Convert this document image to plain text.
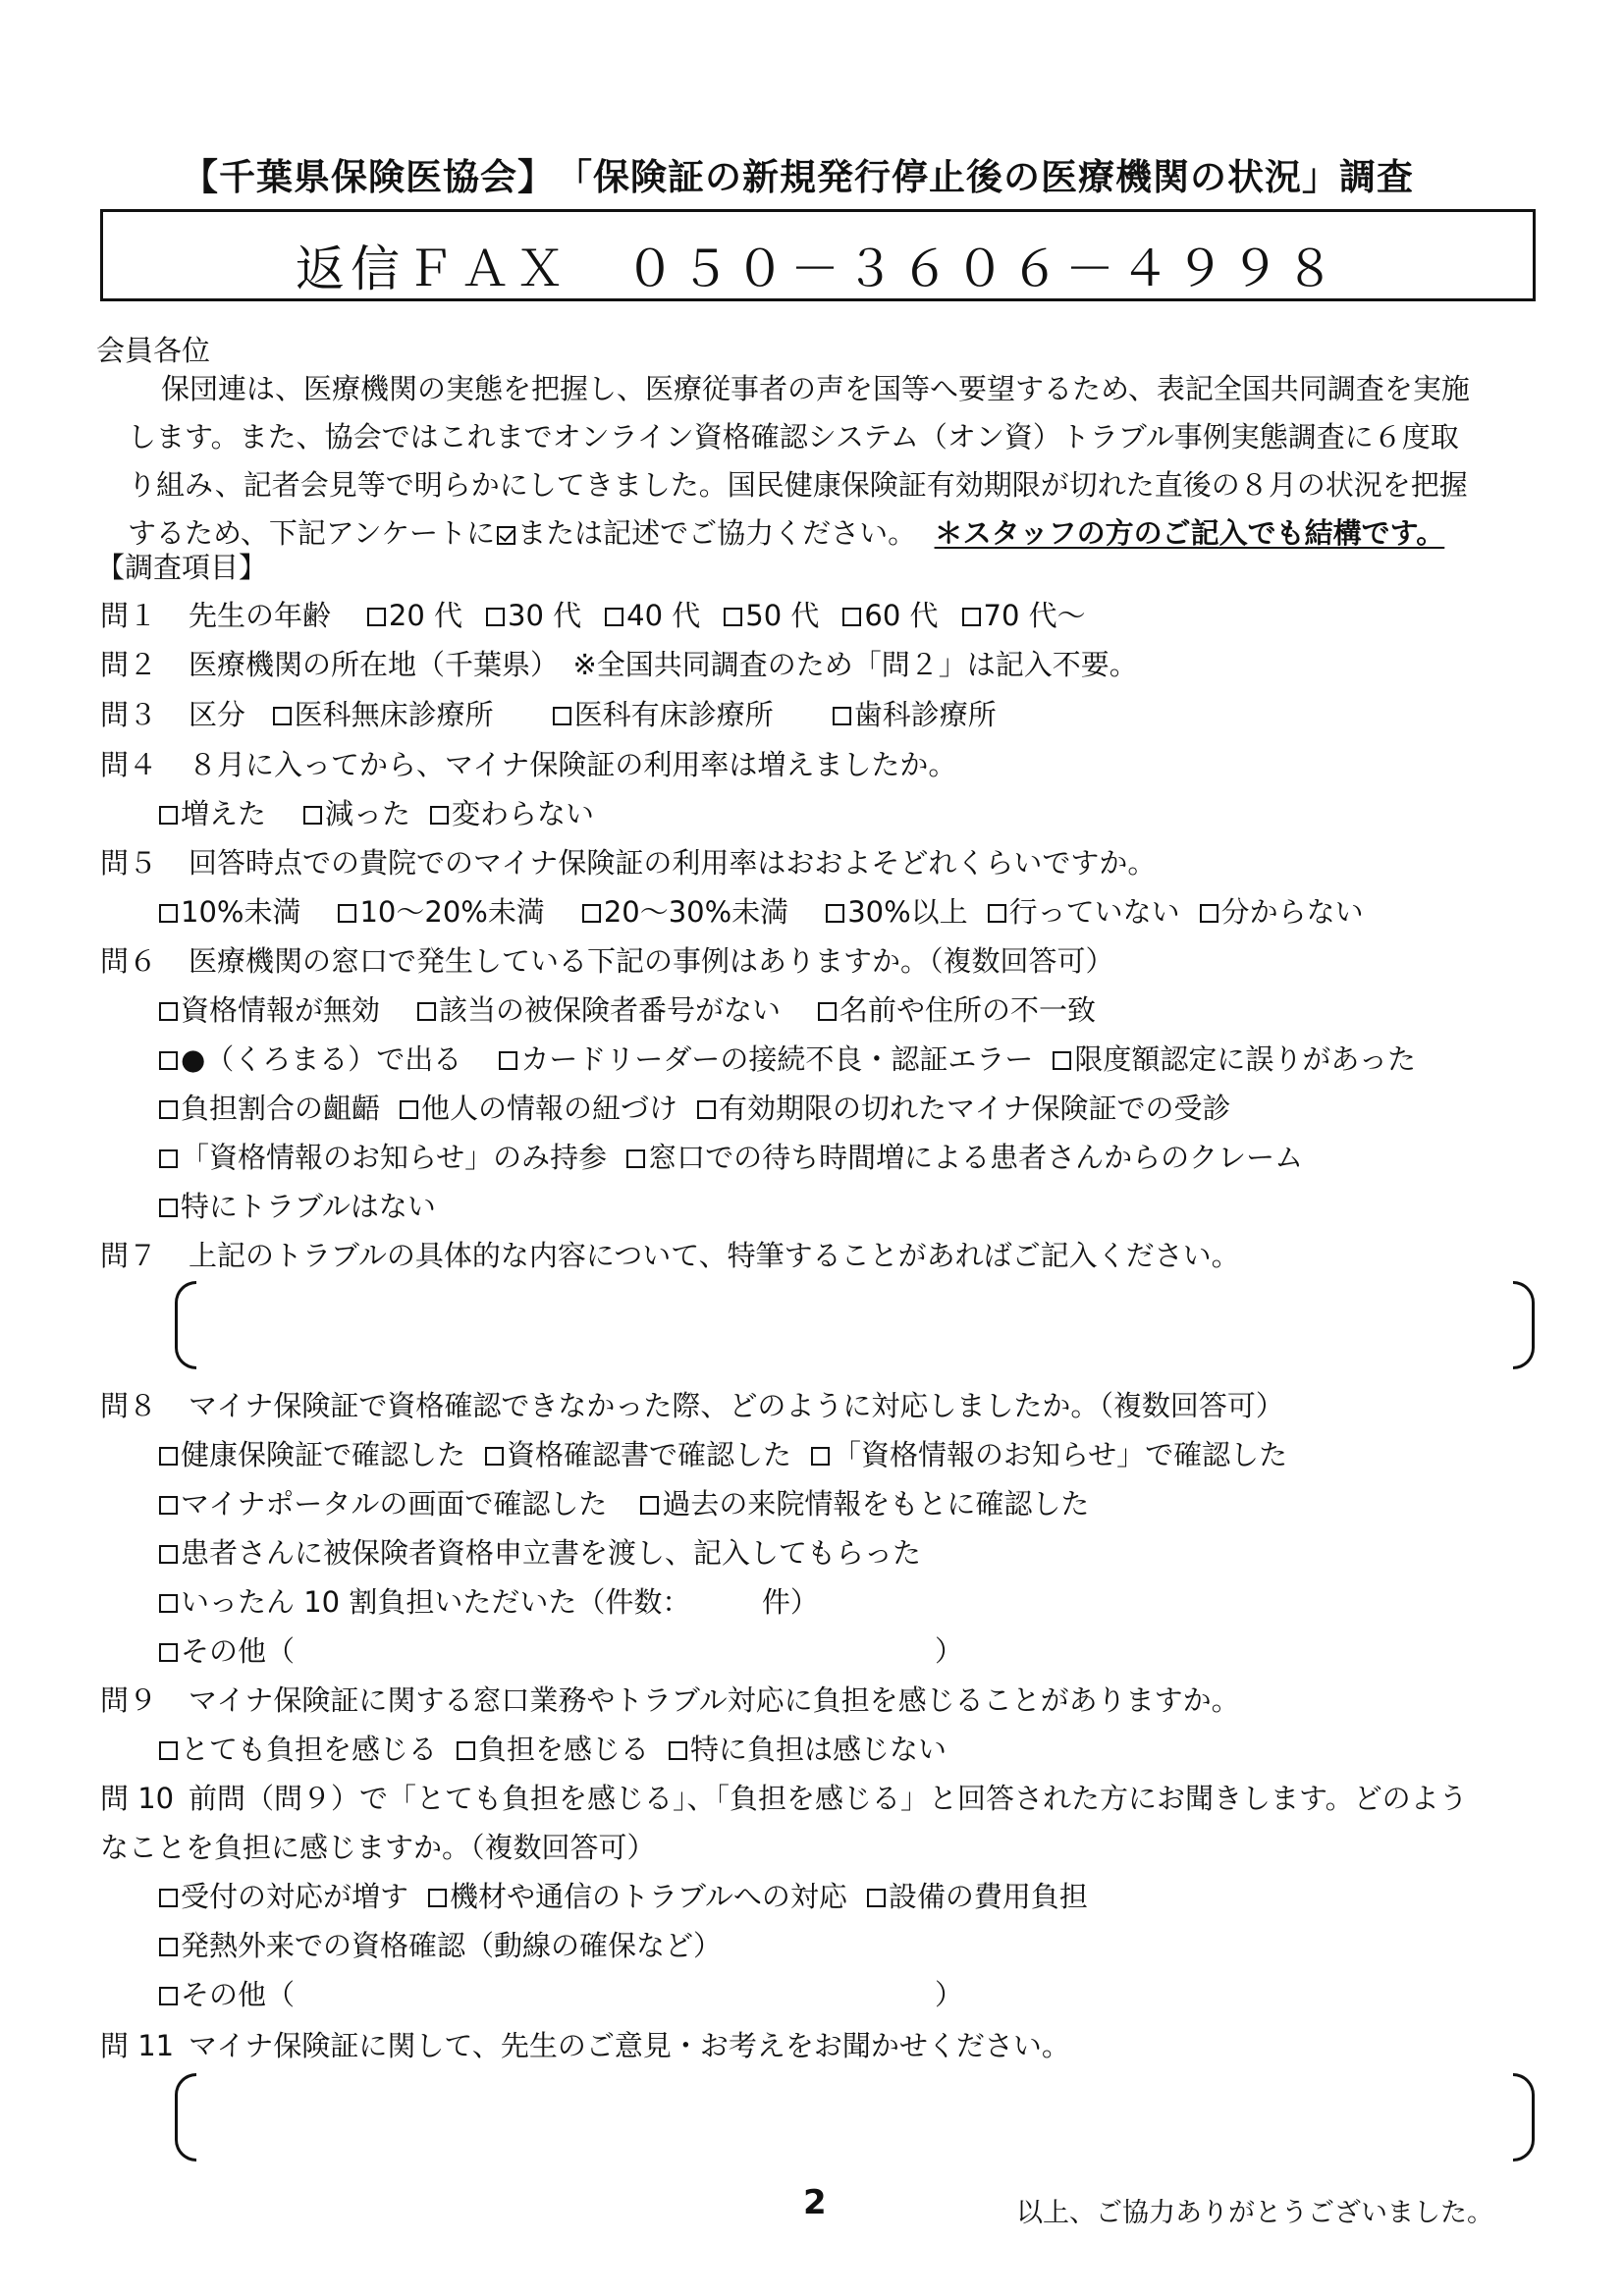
【千葉県保険医協会】　「保険証の新規発行停止後の医療機関の状況」調査
返信ＦＡＸ　０５０－３６０６－４９９８
会員各位
保団連は、医療機関の実態を把握し、医療従事者の声を国等へ要望するため、表記全国共同調査を実施
します。また、協会ではこれまでオンライン資格確認システム（オン資）トラブル事例実態調査に６度取
り組み、記者会見等で明らかにしてきました。国民健康保険証有効期限が切れた直後の８月の状況を把握
するため、下記アンケートに または記述でご協力ください。 ＊スタッフの方のご記入でも結構です。
【調査項目】
問１ 先生の年齢 20 代 30 代 40 代 50 代 60 代 70 代～
問２ 医療機関の所在地（千葉県）　※全国共同調査のため「問２」は記入不要。
問３ 区分 医科無床診療所	医科有床診療所	歯科診療所
問４ ８月に入ってから、マイナ保険証の利用率は増えましたか。
増えた 減った 変わらない
問５ 回答時点での貴院でのマイナ保険証の利用率はおおよそどれくらいですか。
10%未満 10～20%未満 20～30%未満 30%以上 行っていない 分からない
問６ 医療機関の窓口で発生している下記の事例はありますか。（複数回答可）
資格情報が無効 該当の被保険者番号がない 名前や住所の不一致
●（くろまる）で出る カードリーダーの接続不良・認証エラー 限度額認定に誤りがあった
負担割合の齟齬 他人の情報の紐づけ 有効期限の切れたマイナ保険証での受診
「資格情報のお知らせ」のみ持参 窓口での待ち時間増による患者さんからのクレーム
特にトラブルはない
問７ 上記のトラブルの具体的な内容について、特筆することがあればご記入ください。
問８ マイナ保険証で資格確認できなかった際、どのように対応しましたか。（複数回答可）
健康保険証で確認した 資格確認書で確認した 「資格情報のお知らせ」で確認した
マイナポータルの画面で確認した 過去の来院情報をもとに確認した
患者さんに被保険者資格申立書を渡し、記入してもらった
いったん 10 割負担いただいた（件数：　　　件）
その他（	）
問９ マイナ保険証に関する窓口業務やトラブル対応に負担を感じることがありますか。
とても負担を感じる 負担を感じる 特に負担は感じない
問 10 前問（問９）で「とても負担を感じる」、「負担を感じる」と回答された方にお聞きします。どのよう
なことを負担に感じますか。（複数回答可）
受付の対応が増す 機材や通信のトラブルへの対応 設備の費用負担
発熱外来での資格確認（動線の確保など）
その他（	）
問 11 マイナ保険証に関して、先生のご意見・お考えをお聞かせください。
2	以上、ご協力ありがとうございました。
